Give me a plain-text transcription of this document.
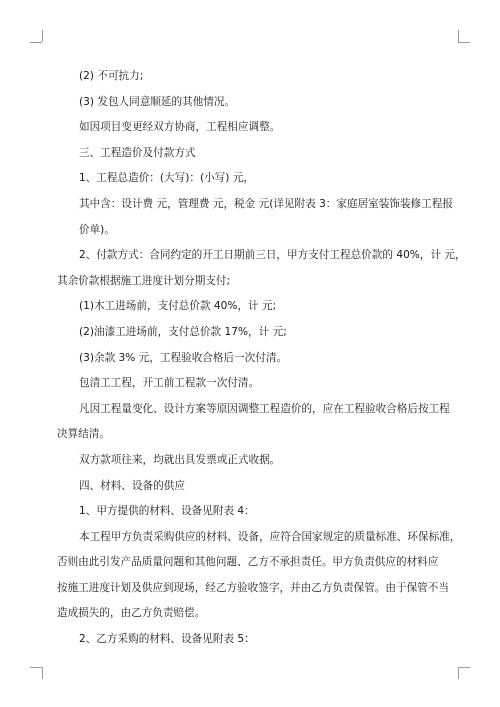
(2) 不可抗力;

(3) 发包人同意顺延的其他情况。

如因项目变更经双方协商，工程相应调整。

三、工程造价及付款方式

1、工程总造价：(大写)：(小写) 元，

其中含：设计费 元，管理费 元，税金 元(详见附表 3：家庭居室装饰装修工程报

价单)。

2、付款方式：合同约定的开工日期前三日，甲方支付工程总价款的 40%，计 元，

其余价款根据施工进度计划分期支付;

(1)木工进场前，支付总价款 40%，计 元;

(2)油漆工进场前，支付总价款 17%，计 元;

(3)余款 3% 元，工程验收合格后一次付清。

包清工工程，开工前工程款一次付清。

凡因工程量变化、设计方案等原因调整工程造价的，应在工程验收合格后按工程

决算结清。

双方款项往来，均就出具发票或正式收据。

四、材料、设备的供应

1、甲方提供的材料、设备见附表 4：

本工程甲方负责采购供应的材料、设备，应符合国家规定的质量标准、环保标准，

否则由此引发产品质量问题和其他问题、乙方不承担责任。甲方负责供应的材料应

按施工进度计划及供应到现场，经乙方验收签字，并由乙方负责保管。由于保管不当

造成损失的，由乙方负责赔偿。

2、乙方采购的材料、设备见附表 5：
